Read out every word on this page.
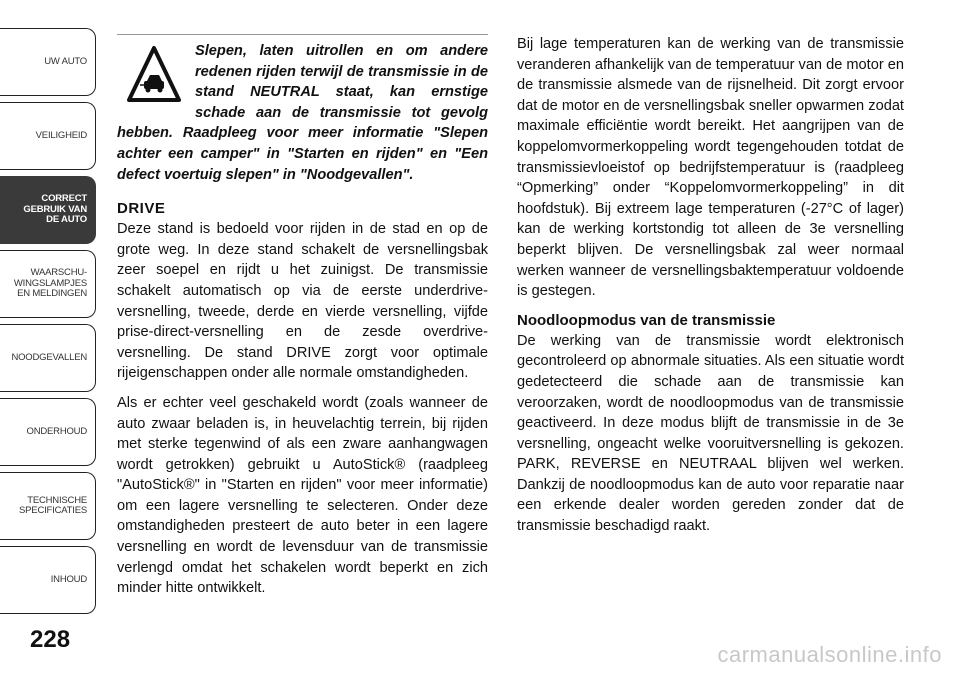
UW AUTO
VEILIGHEID
CORRECT
GEBRUIK VAN
DE AUTO
WAARSCHU-
WINGSLAMPJES
EN MELDINGEN
NOODGEVALLEN
ONDERHOUD
TECHNISCHE
SPECIFICATIES
INHOUD
228
Slepen, laten uitrollen en om andere redenen rijden terwijl de transmissie in de stand NEUTRAL staat, kan ernstige schade aan de transmissie tot gevolg hebben. Raadpleeg voor meer informatie "Slepen achter een camper" in "Starten en rijden" en "Een defect voertuig slepen" in "Noodgevallen".
DRIVE

Deze stand is bedoeld voor rijden in de stad en op de grote weg. In deze stand schakelt de versnellingsbak zeer soepel en rijdt u het zuinigst. De transmissie schakelt automatisch op via de eerste underdrive-versnelling, tweede, derde en vierde versnelling, vijfde prise-direct-versnelling en de zesde overdrive-versnelling. De stand DRIVE zorgt voor optimale rijeigenschappen onder alle normale omstandigheden.

Als er echter veel geschakeld wordt (zoals wanneer de auto zwaar beladen is, in heuvelachtig terrein, bij rijden met sterke tegenwind of als een zware aanhangwagen wordt getrokken) gebruikt u AutoStick® (raadpleeg "AutoStick®" in "Starten en rijden" voor meer informatie) om een lagere versnelling te selecteren. Onder deze omstandigheden presteert de auto beter in een lagere versnelling en wordt de levensduur van de transmissie verlengd omdat het schakelen wordt beperkt en zich minder hitte ontwikkelt.

Bij lage temperaturen kan de werking van de transmissie veranderen afhankelijk van de temperatuur van de motor en de transmissie alsmede van de rijsnelheid. Dit zorgt ervoor dat de motor en de versnellingsbak sneller opwarmen zodat maximale efficiëntie wordt bereikt. Het aangrijpen van de koppelomvormerkoppeling wordt tegengehouden totdat de transmissievloeistof op bedrijfstemperatuur is (raadpleeg “Opmerking” onder “Koppelomvormerkoppeling” in dit hoofdstuk). Bij extreem lage temperaturen (-27°C of lager) kan de werking kortstondig tot alleen de 3e versnelling beperkt blijven. De versnellingsbak zal weer normaal werken wanneer de versnellingsbaktemperatuur voldoende is gestegen.

Noodloopmodus van de transmissie

De werking van de transmissie wordt elektronisch gecontroleerd op abnormale situaties. Als een situatie wordt gedetecteerd die schade aan de transmissie kan veroorzaken, wordt de noodloopmodus van de transmissie geactiveerd. In deze modus blijft de transmissie in de 3e versnelling, ongeacht welke vooruitversnelling is gekozen. PARK, REVERSE en NEUTRAAL blijven wel werken. Dankzij de noodloopmodus kan de auto voor reparatie naar een erkende dealer worden gereden zonder dat de transmissie beschadigd raakt.

carmanualsonline.info
